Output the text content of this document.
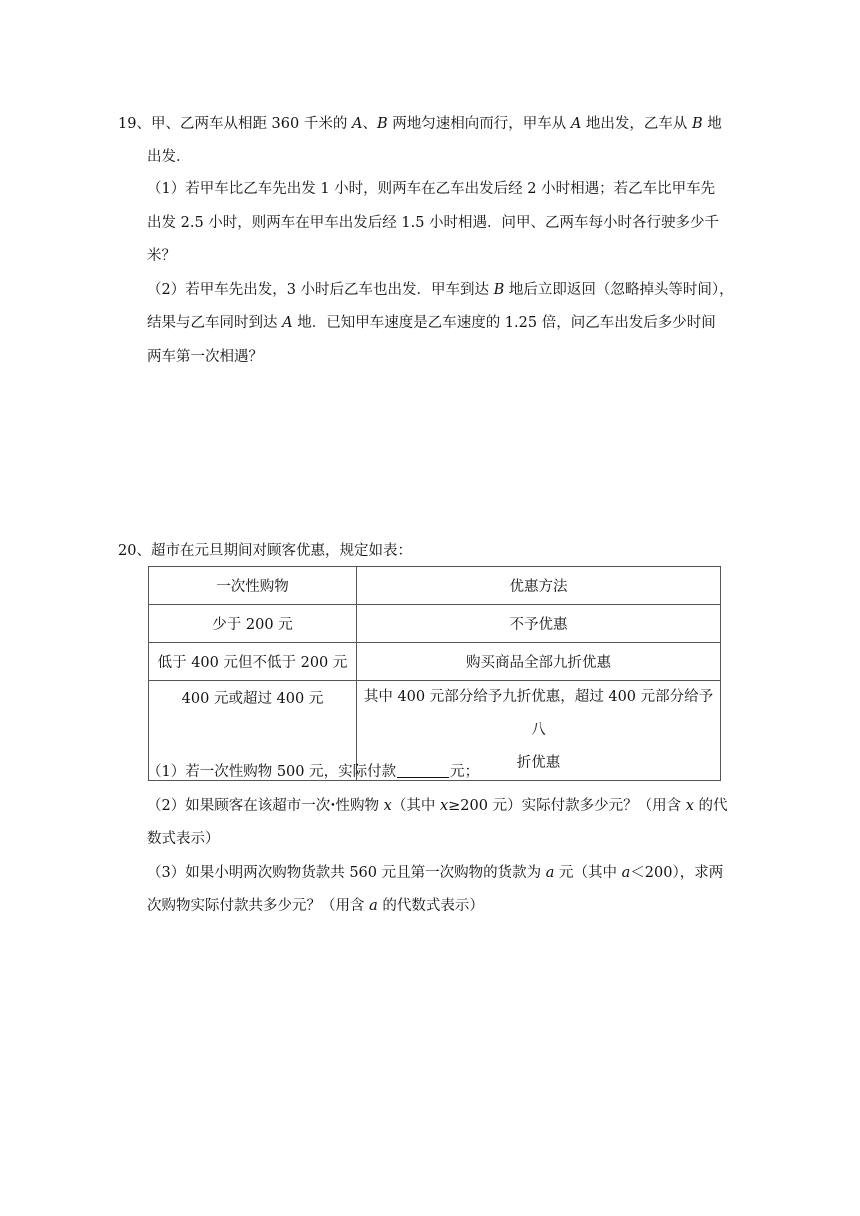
19、甲、乙两车从相距 360 千米的 A、B 两地匀速相向而行，甲车从 A 地出发，乙车从 B 地
出发．
（1）若甲车比乙车先出发 1 小时，则两车在乙车出发后经 2 小时相遇；若乙车比甲车先
出发 2.5 小时，则两车在甲车出发后经 1.5 小时相遇．问甲、乙两车每小时各行驶多少千
米？
（2）若甲车先出发，3 小时后乙车也出发．甲车到达 B 地后立即返回（忽略掉头等时间），
结果与乙车同时到达 A 地．已知甲车速度是乙车速度的 1.25 倍，问乙车出发后多少时间
两车第一次相遇？
20、超市在元旦期间对顾客优惠，规定如表：
一次性购物	优惠方法
少于 200 元	不予优惠
低于 400 元但不低于 200 元	购买商品全部九折优惠
400 元或超过 400 元	其中 400 元部分给予九折优惠，超过 400 元部分给予八
折优惠
（1）若一次性购物 500 元，实际付款	元；
（2）如果顾客在该超市一次•性购物 x（其中 x≥200 元）实际付款多少元？（用含 x 的代
数式表示）
（3）如果小明两次购物货款共 560 元且第一次购物的货款为 a 元（其中 a＜200），求两
次购物实际付款共多少元？（用含 a 的代数式表示）
